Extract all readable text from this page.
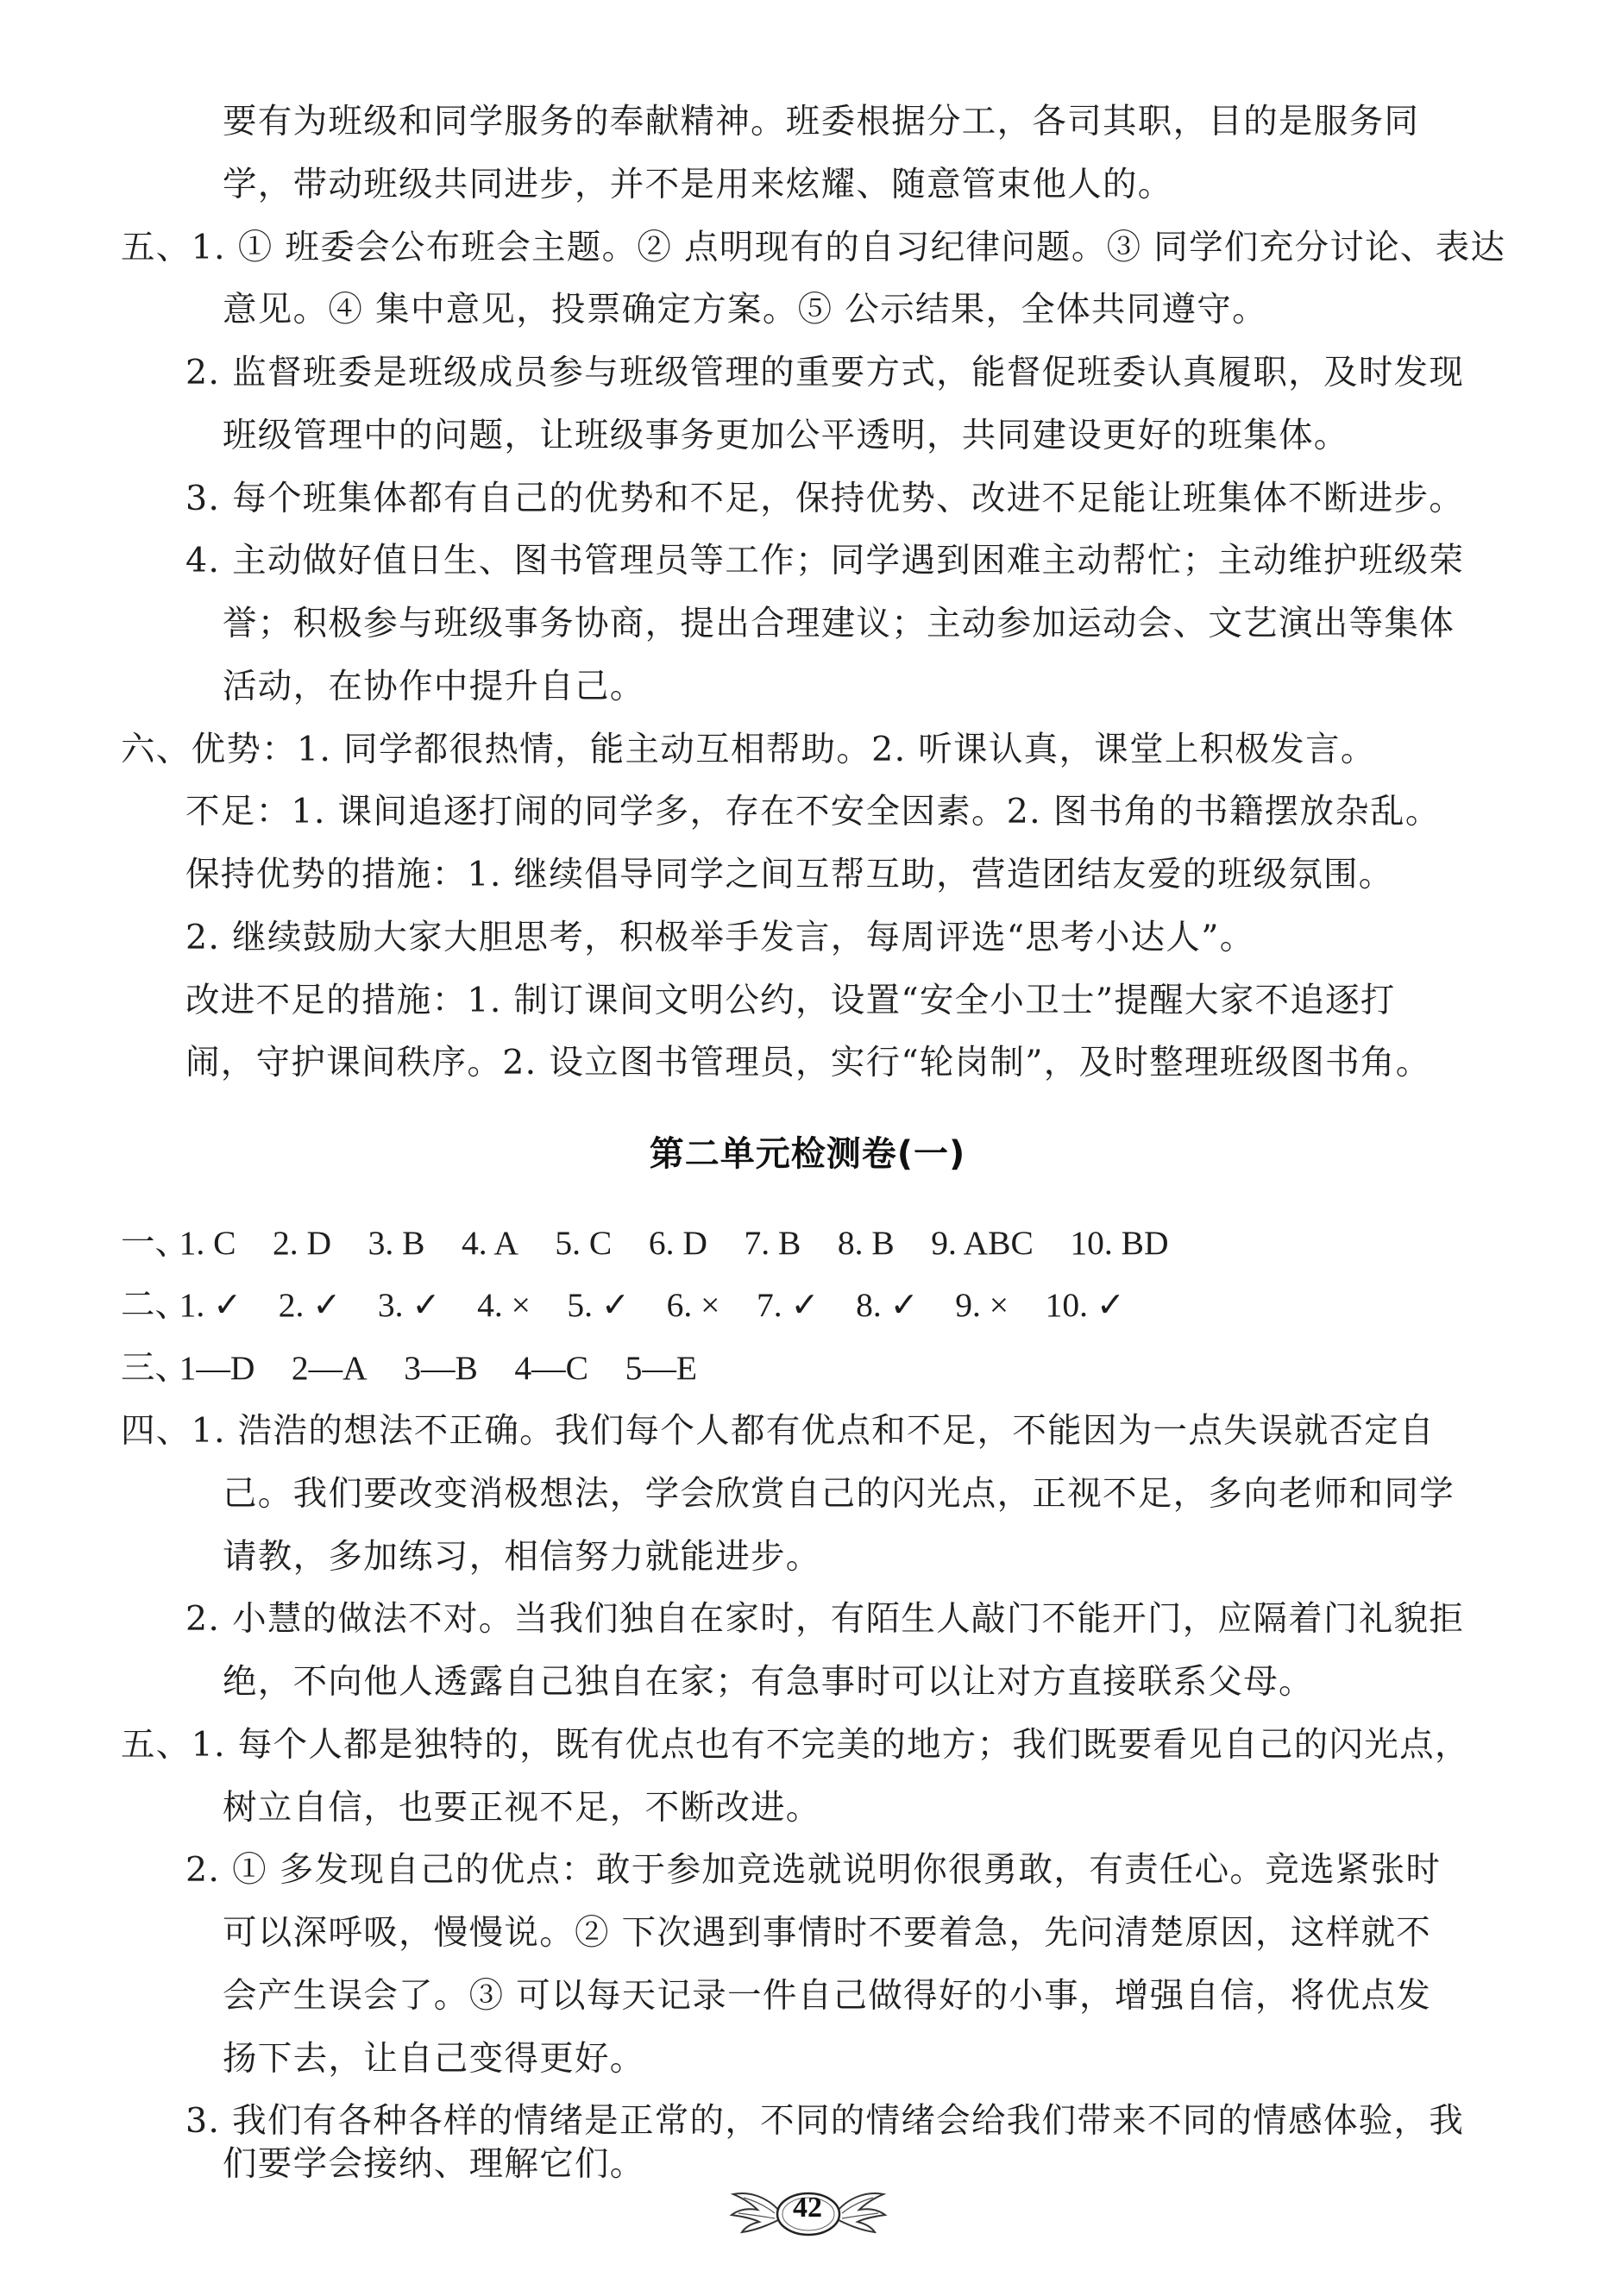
要有为班级和同学服务的奉献精神。班委根据分工，各司其职，目的是服务同
学，带动班级共同进步，并不是用来炫耀、随意管束他人的。
五、1. ① 班委会公布班会主题。② 点明现有的自习纪律问题。③ 同学们充分讨论、表达
意见。④ 集中意见，投票确定方案。⑤ 公示结果，全体共同遵守。
2. 监督班委是班级成员参与班级管理的重要方式，能督促班委认真履职，及时发现
班级管理中的问题，让班级事务更加公平透明，共同建设更好的班集体。
3. 每个班集体都有自己的优势和不足，保持优势、改进不足能让班集体不断进步。
4. 主动做好值日生、图书管理员等工作；同学遇到困难主动帮忙；主动维护班级荣
誉；积极参与班级事务协商，提出合理建议；主动参加运动会、文艺演出等集体
活动，在协作中提升自己。
六、优势：1. 同学都很热情，能主动互相帮助。2. 听课认真，课堂上积极发言。
不足：1. 课间追逐打闹的同学多，存在不安全因素。2. 图书角的书籍摆放杂乱。
保持优势的措施：1. 继续倡导同学之间互帮互助，营造团结友爱的班级氛围。
2. 继续鼓励大家大胆思考，积极举手发言，每周评选“思考小达人”。
改进不足的措施：1. 制订课间文明公约，设置“安全小卫士”提醒大家不追逐打
闹，守护课间秩序。2. 设立图书管理员，实行“轮岗制”，及时整理班级图书角。
第二单元检测卷(一)
一、 1. C 2. D 3. B 4. A 5. C 6. D 7. B 8. B 9. ABC 10. BD
二、 1. ✓ 2. ✓ 3. ✓ 4. × 5. ✓ 6. × 7. ✓ 8. ✓ 9. × 10. ✓
三、 1—D 2—A 3—B 4—C 5—E
四、1. 浩浩的想法不正确。我们每个人都有优点和不足，不能因为一点失误就否定自
己。我们要改变消极想法，学会欣赏自己的闪光点，正视不足，多向老师和同学
请教，多加练习，相信努力就能进步。
2. 小慧的做法不对。当我们独自在家时，有陌生人敲门不能开门，应隔着门礼貌拒
绝，不向他人透露自己独自在家；有急事时可以让对方直接联系父母。
五、1. 每个人都是独特的，既有优点也有不完美的地方；我们既要看见自己的闪光点，
树立自信，也要正视不足，不断改进。
2. ① 多发现自己的优点：敢于参加竞选就说明你很勇敢，有责任心。竞选紧张时
可以深呼吸，慢慢说。② 下次遇到事情时不要着急，先问清楚原因，这样就不
会产生误会了。③ 可以每天记录一件自己做得好的小事，增强自信，将优点发
扬下去，让自己变得更好。
3. 我们有各种各样的情绪是正常的，不同的情绪会给我们带来不同的情感体验，我
们要学会接纳、理解它们。
42
